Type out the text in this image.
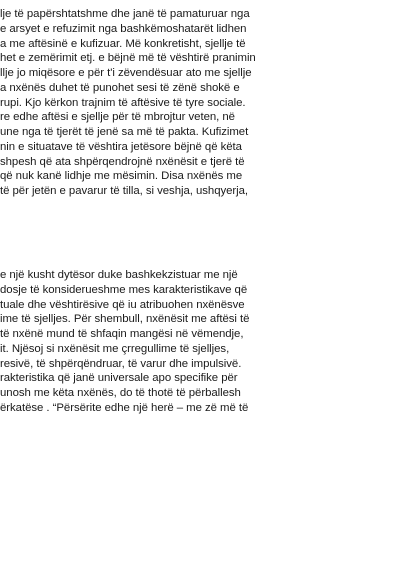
lje të papërshtatshme dhe janë të pamaturuar nga
e arsyet e refuzimit nga bashkëmoshatarët lidhen
a me aftësinë e kufizuar. Më konkretisht, sjellje të
het e zemërimit etj. e bëjnë më të vështirë pranimin
llje jo miqësore e për t'i zëvendësuar ato me sjellje
a nxënës duhet të punohet sesi të zënë shokë e
rupi. Kjo kërkon trajnim të aftësive të tyre sociale.
re edhe aftësi e sjellje për të mbrojtur veten, në
une nga të tjerët të jenë sa më të pakta. Kufizimet
nin e situatave të vështira jetësore bëjnë që këta
shpesh që ata shpërqendrojnë nxënësit e tjerë të
që nuk kanë lidhje me mësimin. Disa nxënës me
të për jetën e pavarur të tilla, si veshja, ushqyerja,
e një kusht dytësor duke bashkekzistuar me një
dosje të konsiderueshme mes karakteristikave që
tuale dhe vështirësive që iu atribuohen nxënësve
ime të sjelljes. Për shembull, nxënësit me aftësi të
të nxënë mund të shfaqin mangësi në vëmendje,
it. Njësoj si nxënësit me çrregullime të sjelljes,
resivë, të shpërqëndruar, të varur dhe impulsivë.
rakteristika që janë universale apo specifike për
unosh me këta nxënës, do të thotë të përballesh
ërkatëse . “Përsërite edhe një herë – me zë më të
